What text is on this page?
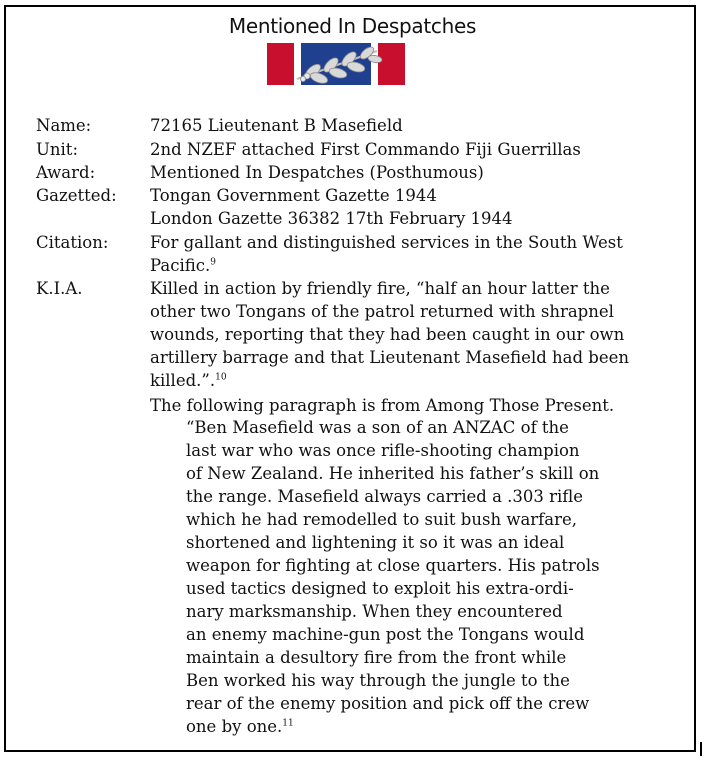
Mentioned In Despatches
Name:	72165 Lieutenant B Masefield
Unit:	2nd NZEF attached First Commando Fiji Guerrillas
Award:	Mentioned In Despatches (Posthumous)
Gazetted: Tongan Government Gazette 1944
London Gazette 36382 17th February 1944
Citation:	For gallant and distinguished services in the South West
Pacific.$^9$
K.I.A.	Killed in action by friendly fire, “half an hour latter the
other two Tongans of the patrol returned with shrapnel
wounds, reporting that they had been caught in our own
artillery barrage and that Lieutenant Masefield had been
killed.”.$^{10}$
The following paragraph is from Among Those Present.
“Ben Masefield was a son of an ANZAC of the
last war who was once rifle-shooting champion
of New Zealand. He inherited his father’s skill on
the range. Masefield always carried a .303 rifle
which he had remodelled to suit bush warfare,
shortened and lightening it so it was an ideal
weapon for fighting at close quarters. His patrols
used tactics designed to exploit his extra-ordi-
nary marksmanship. When they encountered
an enemy machine-gun post the Tongans would
maintain a desultory fire from the front while
Ben worked his way through the jungle to the
rear of the enemy position and pick off the crew
one by one.$^{11}$
